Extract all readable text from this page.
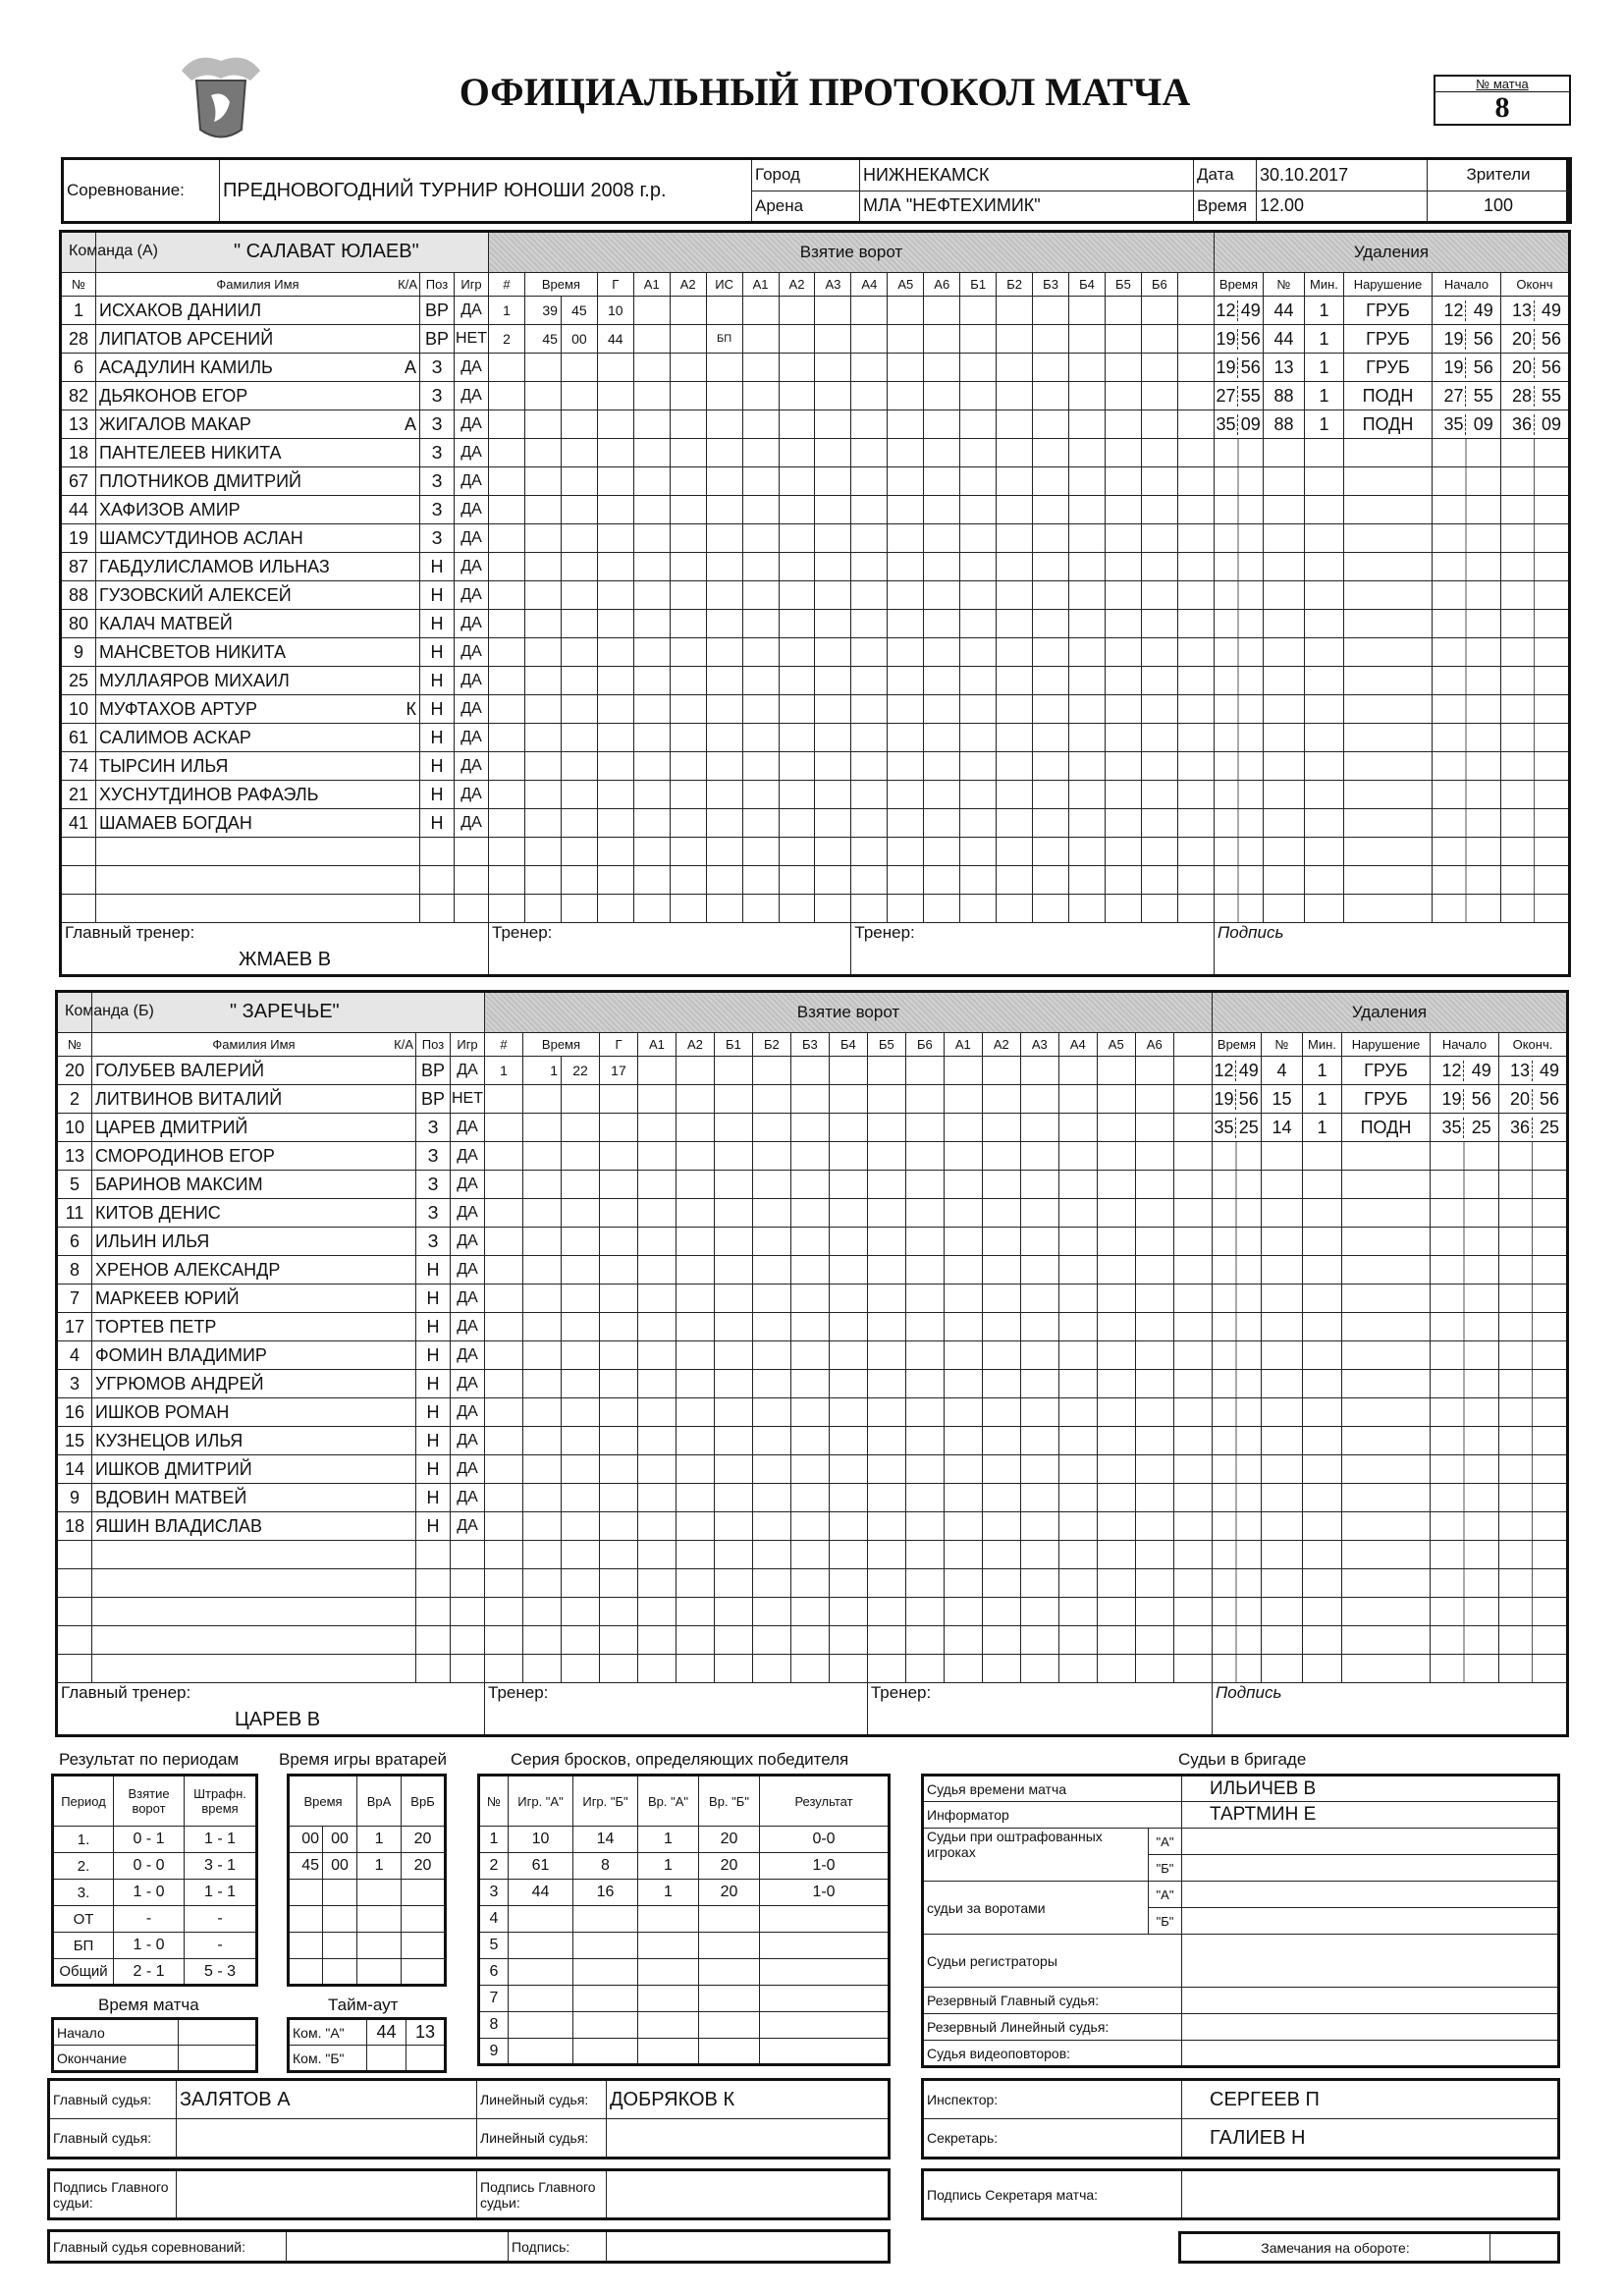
ОФИЦИАЛЬНЫЙ ПРОТОКОЛ МАТЧА	№ матча
8
Соревнование:	ПРЕДНОВОГОДНИЙ ТУРНИР ЮНОШИ 2008 г.р.	Город	НИЖНЕКАМСК	Дата	30.10.2017	Зрители
		Арена	МЛА "НЕФТЕХИМИК"	Время	12.00	100

	Команда (А) " САЛАВАТ ЮЛАЕВ"			Взятие ворот																				Удаления					
№	Фамилия Имя К/А	Поз	Игр	#	Время		Г	А1	А2	ИС	А1	А2	А3	А4	А5	А6	Б1	Б2	Б3	Б4	Б5	Б6		Время	№	Мин.	Нарушение	Начало	Оконч
1	ИСХАКОВ ДАНИИЛ	ВР	ДА	1	39	45	10																	12 49	44	1	ГРУБ	12 49	13 49
28	ЛИПАТОВ АРСЕНИЙ	ВР	НЕТ	2	45	00	44			БП														19 56	44	1	ГРУБ	19 56	20 56
6	АСАДУЛИН КАМИЛЬ А	З	ДА																					19 56	13	1	ГРУБ	19 56	20 56
82	ДЬЯКОНОВ ЕГОР	З	ДА																					27 55	88	1	ПОДН	27 55	28 55
13	ЖИГАЛОВ МАКАР А	З	ДА																					35 09	88	1	ПОДН	35 09	36 09
18	ПАНТЕЛЕЕВ НИКИТА	З	ДА																										
67	ПЛОТНИКОВ ДМИТРИЙ	З	ДА																										
44	ХАФИЗОВ АМИР	З	ДА																										
19	ШАМСУТДИНОВ АСЛАН	З	ДА																										
87	ГАБДУЛИСЛАМОВ ИЛЬНАЗ	Н	ДА																										
88	ГУЗОВСКИЙ АЛЕКСЕЙ	Н	ДА																										
80	КАЛАЧ МАТВЕЙ	Н	ДА																										
9	МАНСВЕТОВ НИКИТА	Н	ДА																										
25	МУЛЛАЯРОВ МИХАИЛ	Н	ДА																										
10	МУФТАХОВ АРТУР К	Н	ДА																										
61	САЛИМОВ АСКАР	Н	ДА																										
74	ТЫРСИН ИЛЬЯ	Н	ДА																										
21	ХУСНУТДИНОВ РАФАЭЛЬ	Н	ДА																										
41	ШАМАЕВ БОГДАН	Н	ДА																										

Главный тренер:
ЖМАЕВ В				Тренер:										Тренер:										Подпись					

	Команда (Б) " ЗАРЕЧЬЕ"			Взятие ворот																			Удаления					
№	Фамилия Имя К/А	Поз	Игр	#	Время		Г	А1	А2	Б1	Б2	Б3	Б4	Б5	Б6	А1	А2	А3	А4	А5	А6		Время	№	Мин.	Нарушение	Начало	Оконч.
20	ГОЛУБЕВ ВАЛЕРИЙ	ВР	ДА	1	1	22	17																12 49	4	1	ГРУБ	12 49	13 49
2	ЛИТВИНОВ ВИТАЛИЙ	ВР	НЕТ																				19 56	15	1	ГРУБ	19 56	20 56
10	ЦАРЕВ ДМИТРИЙ	З	ДА																				35 25	14	1	ПОДН	35 25	36 25
13	СМОРОДИНОВ ЕГОР	З	ДА																									
5	БАРИНОВ МАКСИМ	З	ДА																									
11	КИТОВ ДЕНИС	З	ДА																									
6	ИЛЬИН ИЛЬЯ	З	ДА																									
8	ХРЕНОВ АЛЕКСАНДР	Н	ДА																									
7	МАРКЕЕВ ЮРИЙ	Н	ДА																									
17	ТОРТЕВ ПЕТР	Н	ДА																									
4	ФОМИН ВЛАДИМИР	Н	ДА																									
3	УГРЮМОВ АНДРЕЙ	Н	ДА																									
16	ИШКОВ РОМАН	Н	ДА																									
15	КУЗНЕЦОВ ИЛЬЯ	Н	ДА																									
14	ИШКОВ ДМИТРИЙ	Н	ДА																									
9	ВДОВИН МАТВЕЙ	Н	ДА																									
18	ЯШИН ВЛАДИСЛАВ	Н	ДА																									

Главный тренер:
ЦАРЕВ В				Тренер:										Тренер:									Подпись					
Результат по периодам
Период	Взятие ворот	Штрафн. время
1.	0 - 1	1 - 1
2.	0 - 0	3 - 1
3.	1 - 0	1 - 1
ОТ	-	-
БП	1 - 0	-
Общий	2 - 1	5 - 3
Время матча
Начало	
Окончание	
Время игры вратарей
Время		ВрА	ВрБ
00	00	1	20
45	00	1	20

Тайм-аут
Ком. "А"	44	13
Ком. "Б"		
Серия бросков, определяющих победителя
№	Игр. "А"	Игр. "Б"	Вр. "А"	Вр. "Б"	Результат
1	10	14	1	20	0-0
2	61	8	1	20	1-0
3	44	16	1	20	1-0
4					
5					
6					
7					
8					
9					
Судьи в бригаде
Судья времени матча		ИЛЬИЧЕВ В
Информатор		ТАРТМИН Е
Судьи при оштрафованных игроках	"А"	
	"Б"	
судьи за воротами	"А"	
	"Б"	
Судьи регистраторы		
Резервный Главный судья:		
Резервный Линейный судья:		
Судья видеоповторов:		
Главный судья:	ЗАЛЯТОВ А	Линейный судья:	ДОБРЯКОВ К
Главный судья:		Линейный судья:	
Инспектор:	СЕРГЕЕВ П
Секретарь:	ГАЛИЕВ Н
Подпись Главного судьи:		Подпись Главного судьи:		Подпись Секретаря матча:	
Главный судья соревнований:		Подпись:		Замечания на обороте:	
